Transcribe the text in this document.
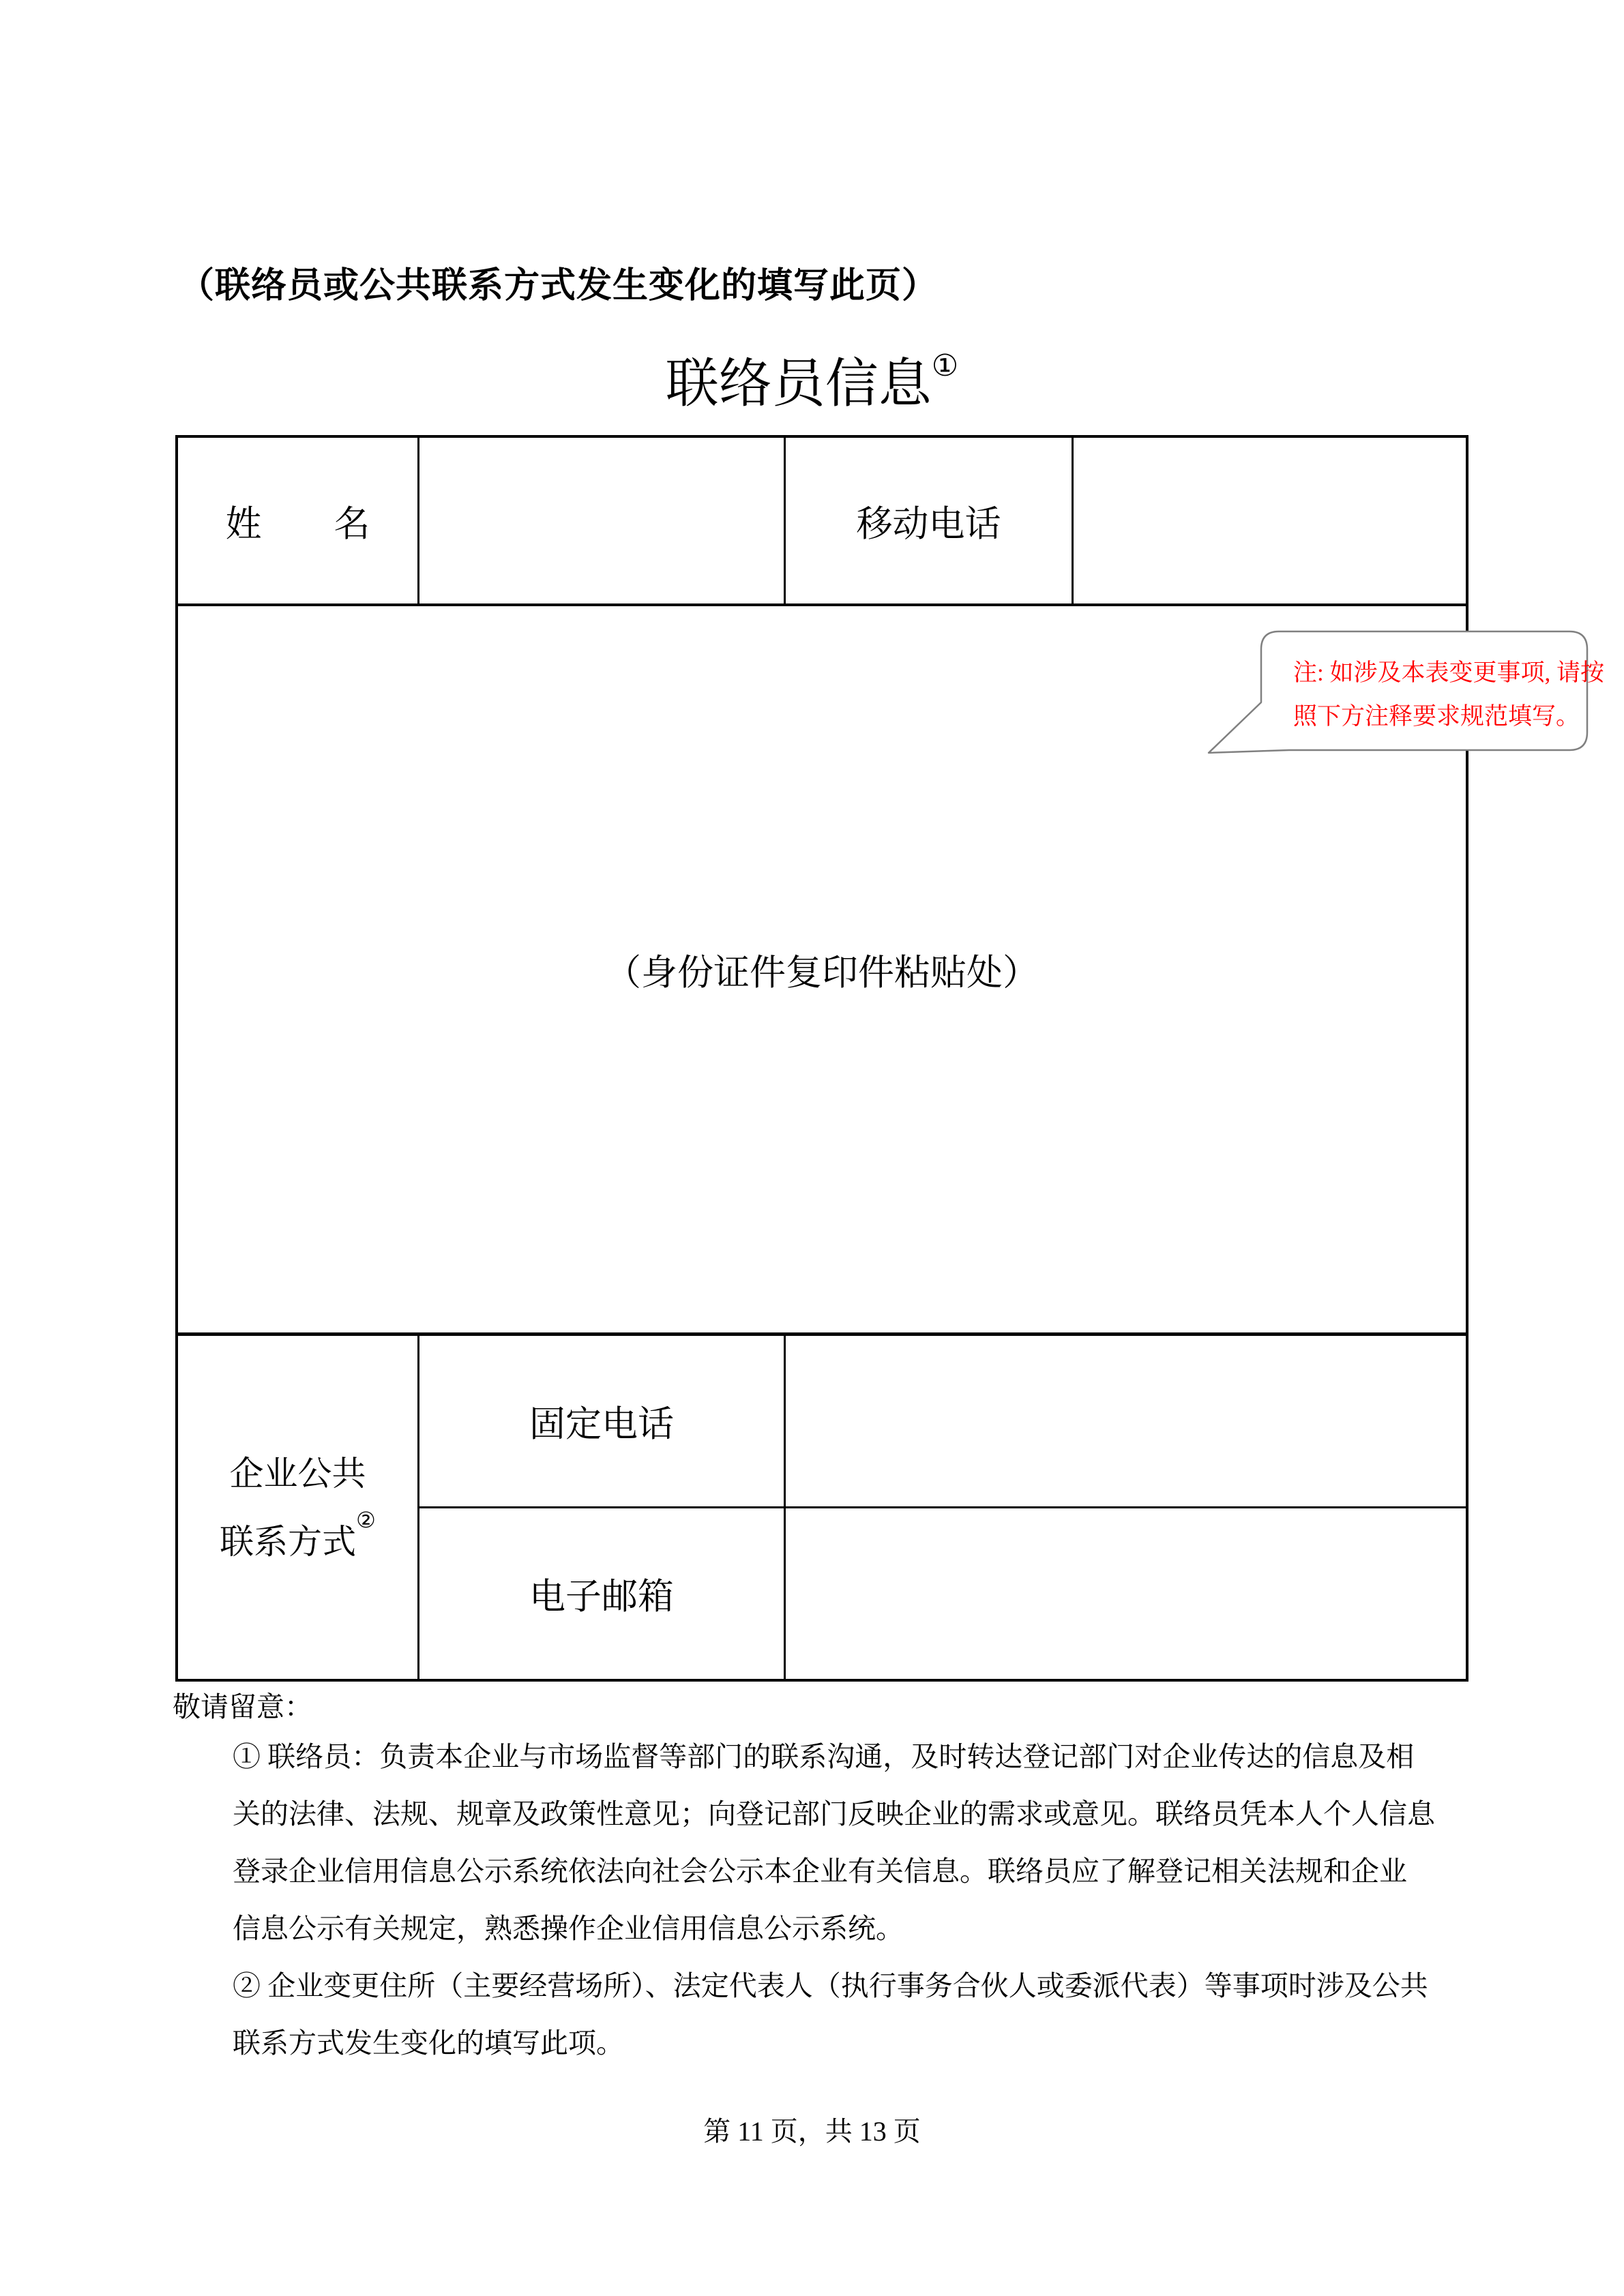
（联络员或公共联系方式发生变化的填写此页）
联络员信息①
姓　　名	移动电话
（身份证件复印件粘贴处）
企业公共
联系方式②
固定电话
电子邮箱
注: 如涉及本表变更事项, 请按
照下方注释要求规范填写。
敬请留意：
① 联络员：负责本企业与市场监督等部门的联系沟通，及时转达登记部门对企业传达的信息及相
关的法律、法规、规章及政策性意见；向登记部门反映企业的需求或意见。联络员凭本人个人信息
登录企业信用信息公示系统依法向社会公示本企业有关信息。联络员应了解登记相关法规和企业
信息公示有关规定，熟悉操作企业信用信息公示系统。
② 企业变更住所（主要经营场所）、法定代表人（执行事务合伙人或委派代表）等事项时涉及公共
联系方式发生变化的填写此项。
第 11 页，共 13 页
